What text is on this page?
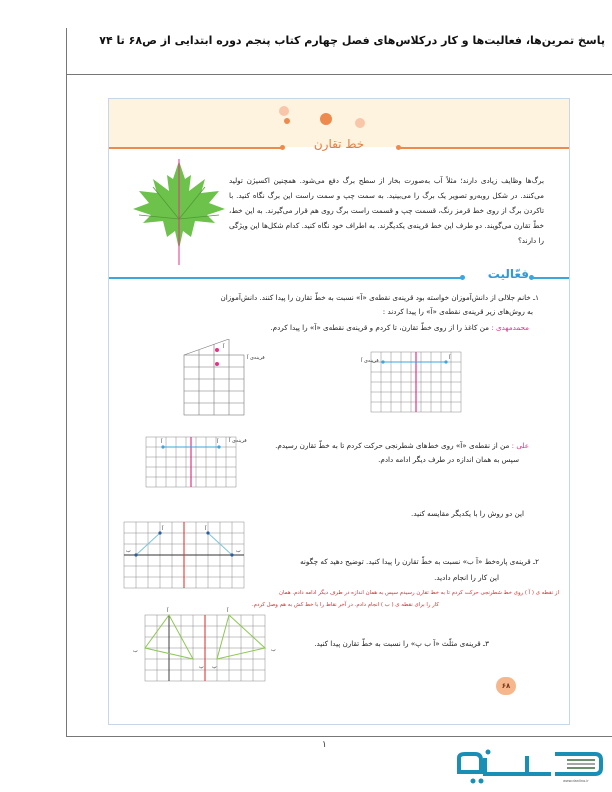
پاسخ تمرین‌ها، فعالیت‌ها و کار درکلاس‌های فصل چهارم کتاب پنجم دوره ابتدایی از ص۶۸ تا ۷۴
خط تقارن
برگ‌ها وظایف زیادی دارند؛ مثلاً آب به‌صورت بخار از سطح برگ دفع می‌شود. همچنین اکسیژن تولید می‌کنند. در شکل روبه‌رو تصویر یک برگ را می‌بینید. به سمت چپ و سمت راست این برگ نگاه کنید. با تاکردن برگ از روی خط قرمز رنگ، قسمت چپ و قسمت راست برگ روی هم قرار می‌گیرند. به این خط، خطّ تقارن می‌گویند. دو طرف این خط قرینه‌ی یکدیگرند. به اطراف خود نگاه کنید. کدام شکل‌ها این ویژگی را دارند؟
فعّالیت
۱ـ خانم جلالی از دانش‌آموزان خواسته بود قرینه‌ی نقطه‌ی «آ» نسبت به خطّ تقارن را پیدا کنند. دانش‌آموزان
به روش‌های زیر قرینه‌ی نقطه‌ی «آ» را پیدا کردند :
محمدمهدی : من کاغذ را از روی خطّ تقارن، تا کردم و قرینه‌ی نقطه‌ی «آ» را پیدا کردم.
آ
قرینه‌ی آ	آ
قرینه‌ی آ
آ	آ قرینه‌ی آ	علی : من از نقطه‌ی «آ» روی خط‌های شطرنجی حرکت کردم تا به خطّ تقارن رسیدم.
سپس به همان اندازه در طرف دیگر ادامه دادم.
این دو روش را با یکدیگر مقایسه کنید.
آ	آ
ب	ب
۲ـ قرینه‌ی پاره‌خط «آ ب» نسبت به خطّ تقارن را پیدا کنید. توضیح دهید که چگونه
این کار را انجام دادید.
از نقطه ی ( آ ) روی خط شطرنجی حرکت کردم تا به خط تقارن رسیدم سپس به همان اندازه در طرف دیگر ادامه دادم. همان
کار را برای نقطه ی ( ب ) انجام دادم. در آخر نقاط را با خط کش به هم وصل کردم.
آ	آ
ب	ب
پ پ
۳ـ قرینه‌ی مثلّث «آ ب پ» را نسبت به خطّ تقارن پیدا کنید.
۶۸
۱
www.danlino.ir
